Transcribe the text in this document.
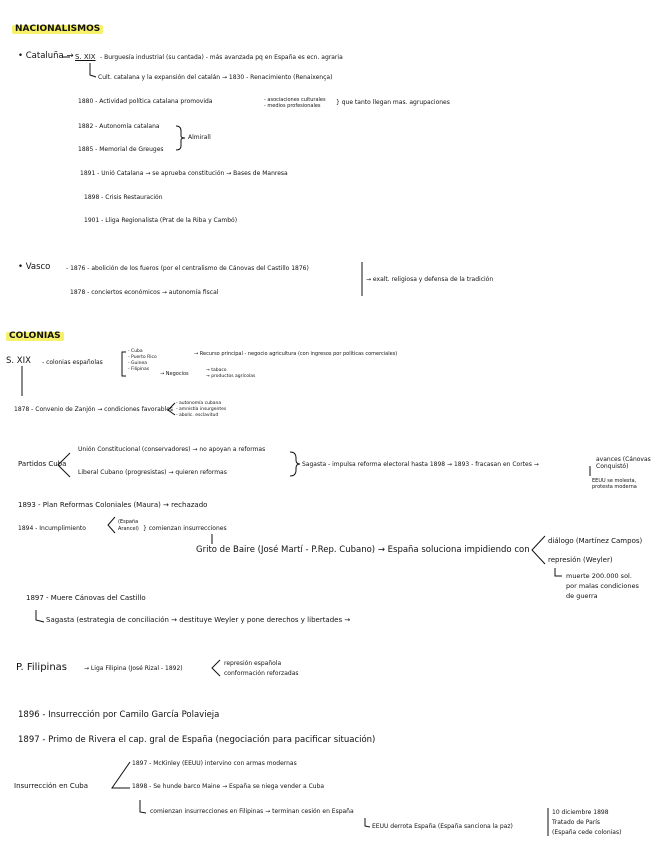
NACIONALISMOS
• Cataluña → S. XIX - Burguesía industrial (su cantada) - más avanzada pq en España es ecn. agraria
Cult. catalana y la expansión del catalán → 1830 - Renacimiento (Renaixença)
1880 - Actividad política catalana promovida	- asociaciones culturales
- medios profesionales	} que tanto llegan mas. agrupaciones
1882 - Autonomía catalana
1885 - Memorial de Greuges
Almirall
1891 - Unió Catalana → se aprueba constitución → Bases de Manresa
1898 - Crisis Restauración
1901 - Lliga Regionalista (Prat de la Riba y Cambó)
• Vasco	- 1876 - abolición de los fueros (por el centralismo de Cánovas del Castillo 1876)
1878 - conciertos económicos → autonomía fiscal
→ exalt. religiosa y defensa de la tradición
COLONIAS
S. XIX - colonias españolas
- Cuba
- Puerto Rico
- Guinea
- Filipinas
→ Recurso principal - negocio agricultura (con ingresos por políticas comerciales)
→ Negocios
→ tabaco
→ productos agrícolas
1878 - Convenio de Zanjón → condiciones favorables
- autonomía cubana
- amnistía insurgentes
- abolic. esclavitud
Partidos Cuba
Unión Constitucional (conservadores) → no apoyan a reformas
Liberal Cubano (progresistas) → quieren reformas
Sagasta - impulsa reforma electoral hasta 1898 → 1893 - fracasan en Cortes →
avances (Cánovas Conquistó)
EEUU se molesta, protesta moderna
1893 - Plan Reformas Coloniales (Maura) → rechazado
1894 - Incumplimiento
(España
Arancel) } comienzan insurrecciones
Grito de Baire (José Martí - P.Rep. Cubano) → España soluciona impidiendo con
diálogo (Martínez Campos)
represión (Weyler)
muerte 200.000 sol.
por malas condiciones
de guerra
1897 - Muere Cánovas del Castillo
Sagasta (estrategia de conciliación → destituye Weyler y pone derechos y libertades →
P. Filipinas	→ Liga Filipina (José Rizal - 1892)
represión española
conformación reforzadas
1896 - Insurrección por Camilo García Polavieja
1897 - Primo de Rivera el cap. gral de España (negociación para pacificar situación)
Insurrección en Cuba
1897 - McKinley (EEUU) intervino con armas modernas
1898 - Se hunde barco Maine → España se niega vender a Cuba
comienzan insurrecciones en Filipinas → terminan cesión en España
EEUU derrota España (España sanciona la paz)
10 diciembre 1898
Tratado de París
(España cede colonias)
